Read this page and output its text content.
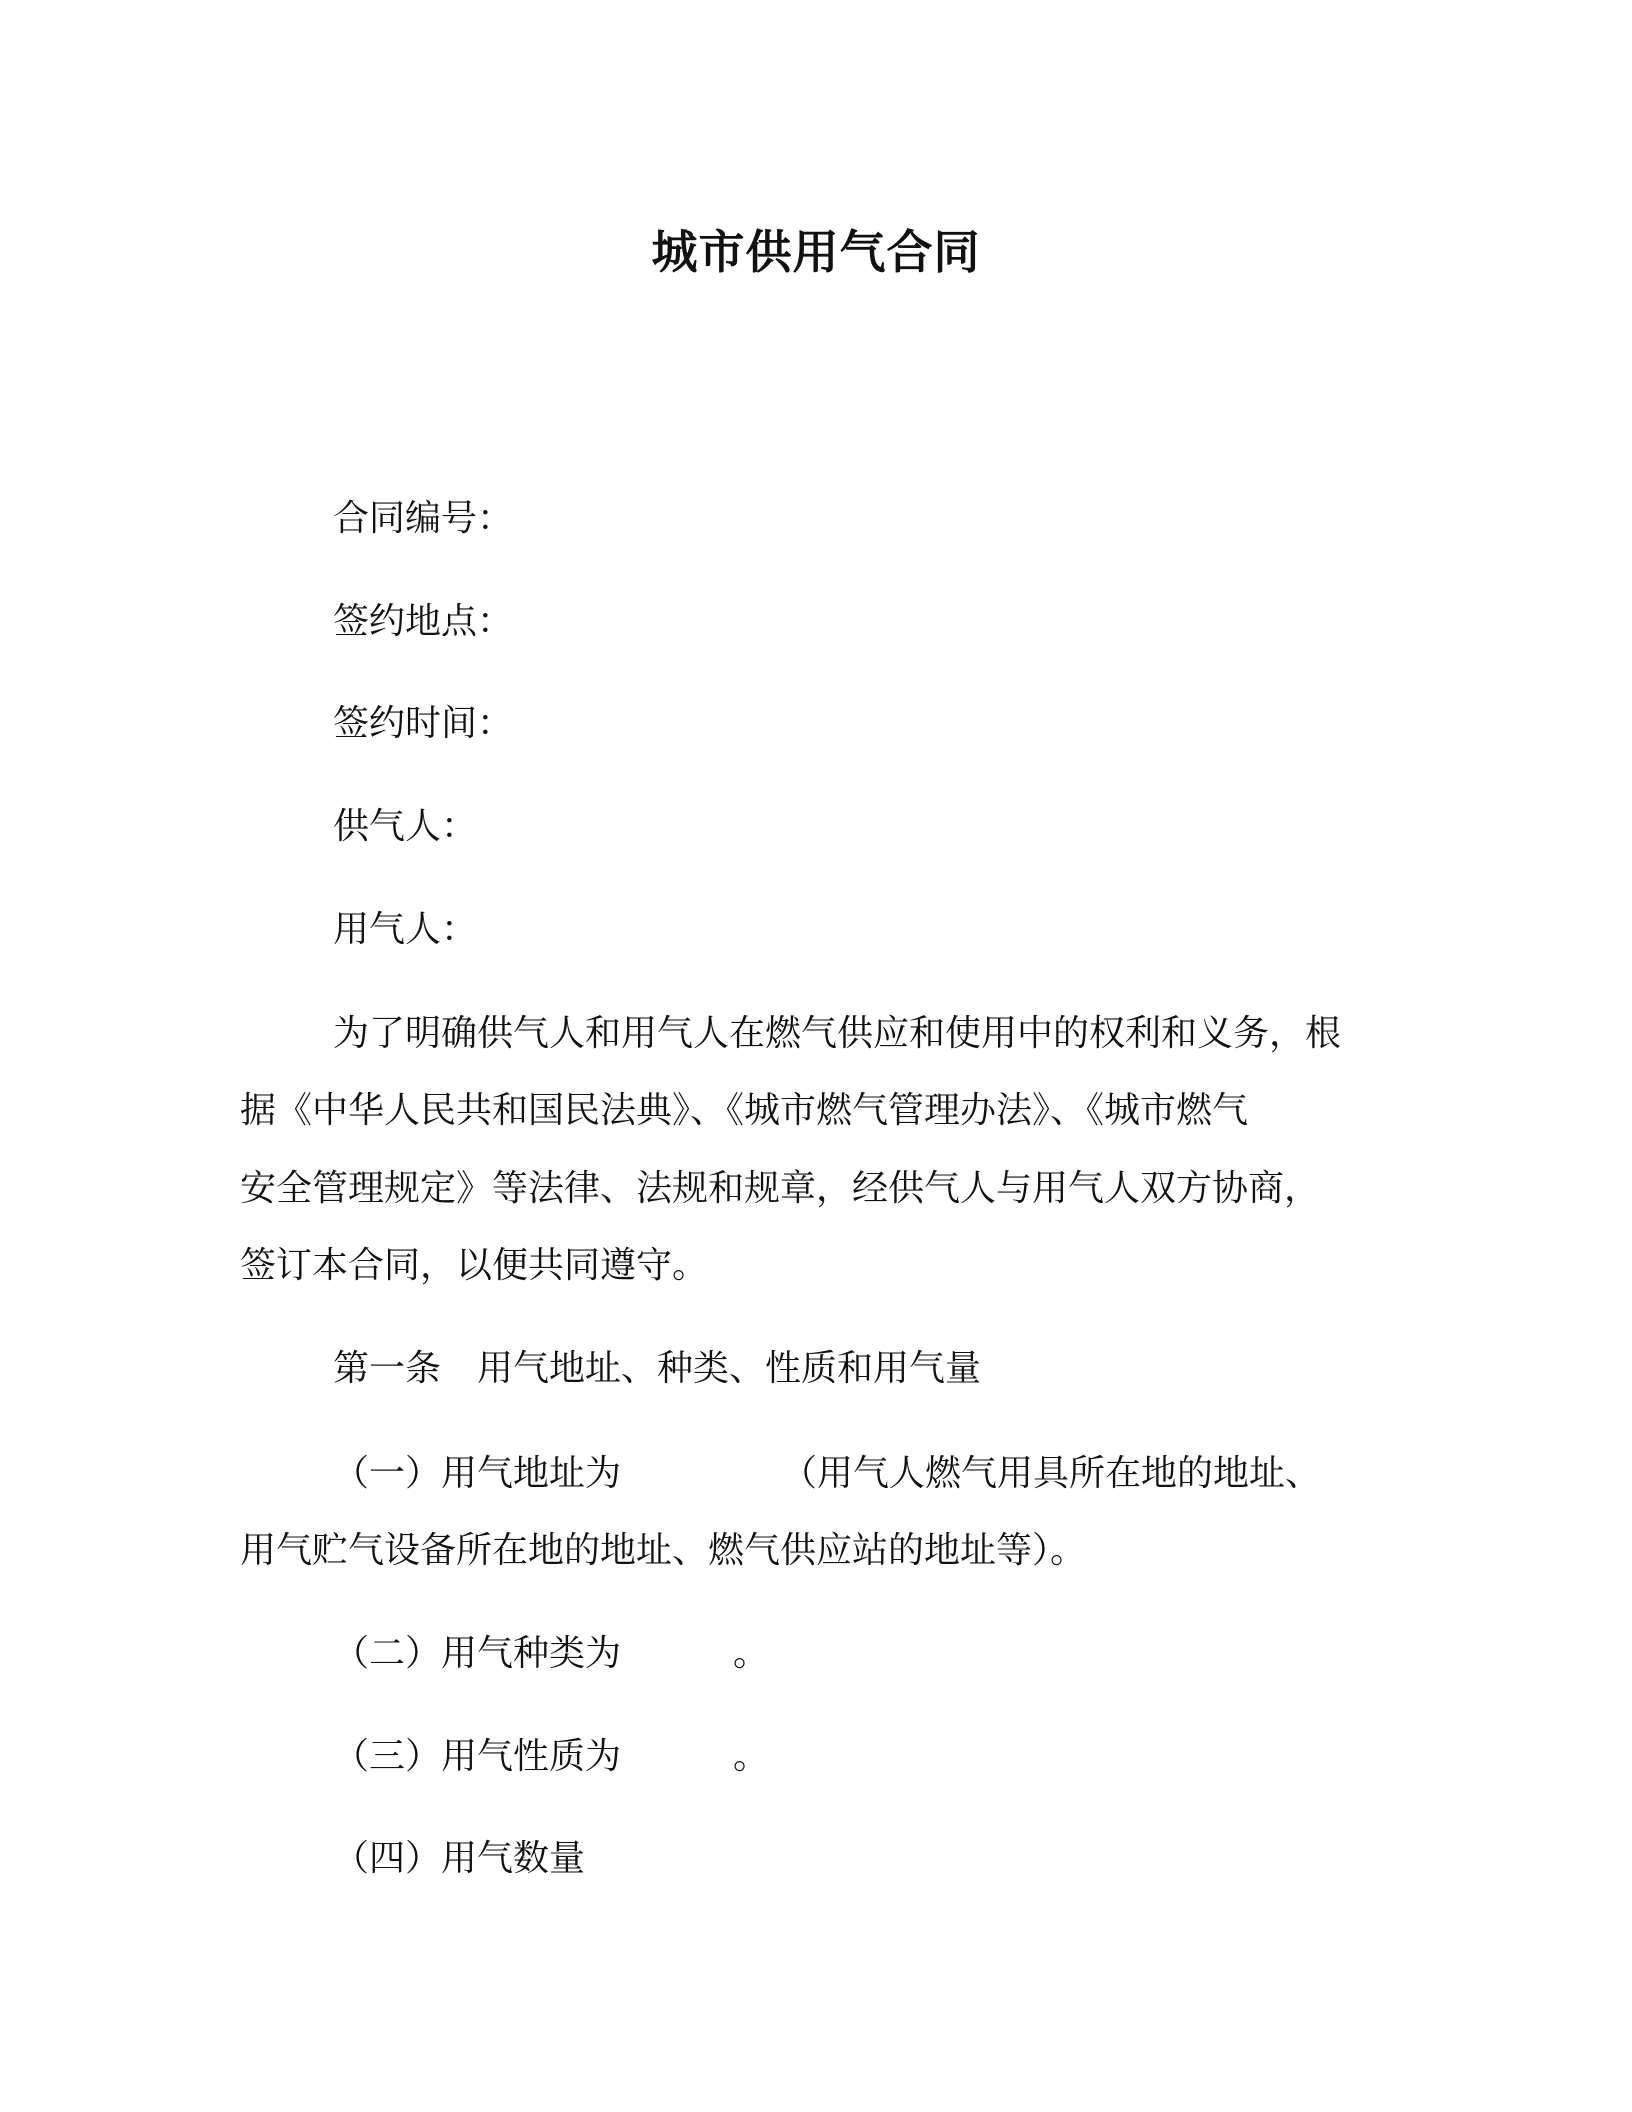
城市供用气合同
合同编号：
签约地点：
签约时间：
供气人：
用气人：
为了明确供气人和用气人在燃气供应和使用中的权利和义务，根
据《中华人民共和国民法典》、《城市燃气管理办法》、《城市燃气
安全管理规定》等法律、法规和规章，经供气人与用气人双方协商，
签订本合同，以便共同遵守。
第一条　用气地址、种类、性质和用气量
（一）用气地址为	（用气人燃气用具所在地的地址、
用气贮气设备所在地的地址、燃气供应站的地址等）。
（二）用气种类为	。
（三）用气性质为	。
（四）用气数量
